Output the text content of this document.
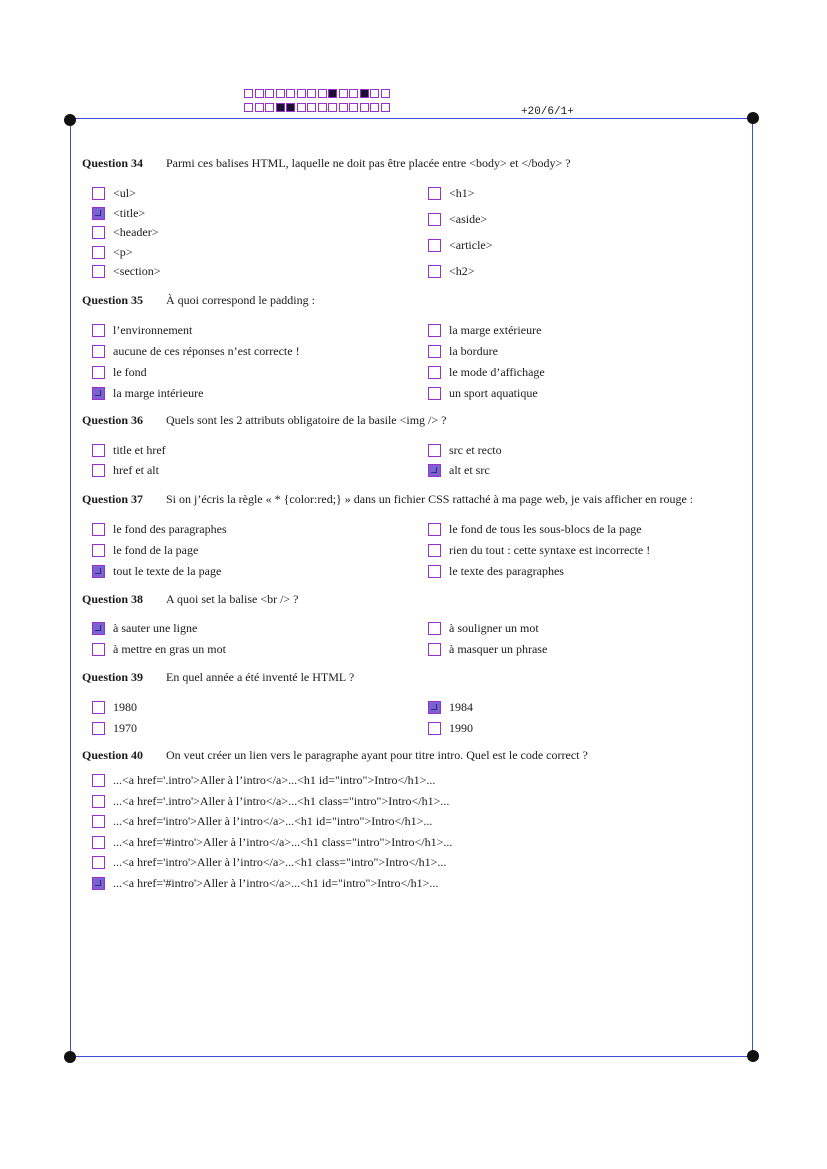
+20/6/1+
Question 34 Parmi ces balises HTML, laquelle ne doit pas être placée entre <body> et </body> ?
<ul>
<title>
<header>
<p>
<section>
<h1>
<aside>
<article>
<h2>
Question 35 À quoi correspond le padding :
l’environnement
aucune de ces réponses n’est correcte !
le fond
la marge intérieure
la marge extérieure
la bordure
le mode d’affichage
un sport aquatique
Question 36 Quels sont les 2 attributs obligatoire de la basile <img /> ?
title et href
href et alt
src et recto
alt et src
Question 37 Si on j’écris la règle « * {color:red;} » dans un fichier CSS rattaché à ma page web, je vais afficher en rouge :
le fond des paragraphes
le fond de la page
tout le texte de la page
le fond de tous les sous-blocs de la page
rien du tout : cette syntaxe est incorrecte !
le texte des paragraphes
Question 38 A quoi set la balise <br /> ?
à sauter une ligne
à mettre en gras un mot
à souligner un mot
à masquer un phrase
Question 39 En quel année a été inventé le HTML ?
1980
1970
1984
1990
Question 40 On veut créer un lien vers le paragraphe ayant pour titre intro. Quel est le code correct ?
...<a href='.intro'>Aller à l’intro</a>...<h1 id="intro">Intro</h1>...
...<a href='.intro'>Aller à l’intro</a>...<h1 class="intro">Intro</h1>...
...<a href='intro'>Aller à l’intro</a>...<h1 id="intro">Intro</h1>...
...<a href='#intro'>Aller à l’intro</a>...<h1 class="intro">Intro</h1>...
...<a href='intro'>Aller à l’intro</a>...<h1 class="intro">Intro</h1>...
...<a href='#intro'>Aller à l’intro</a>...<h1 id="intro">Intro</h1>...
